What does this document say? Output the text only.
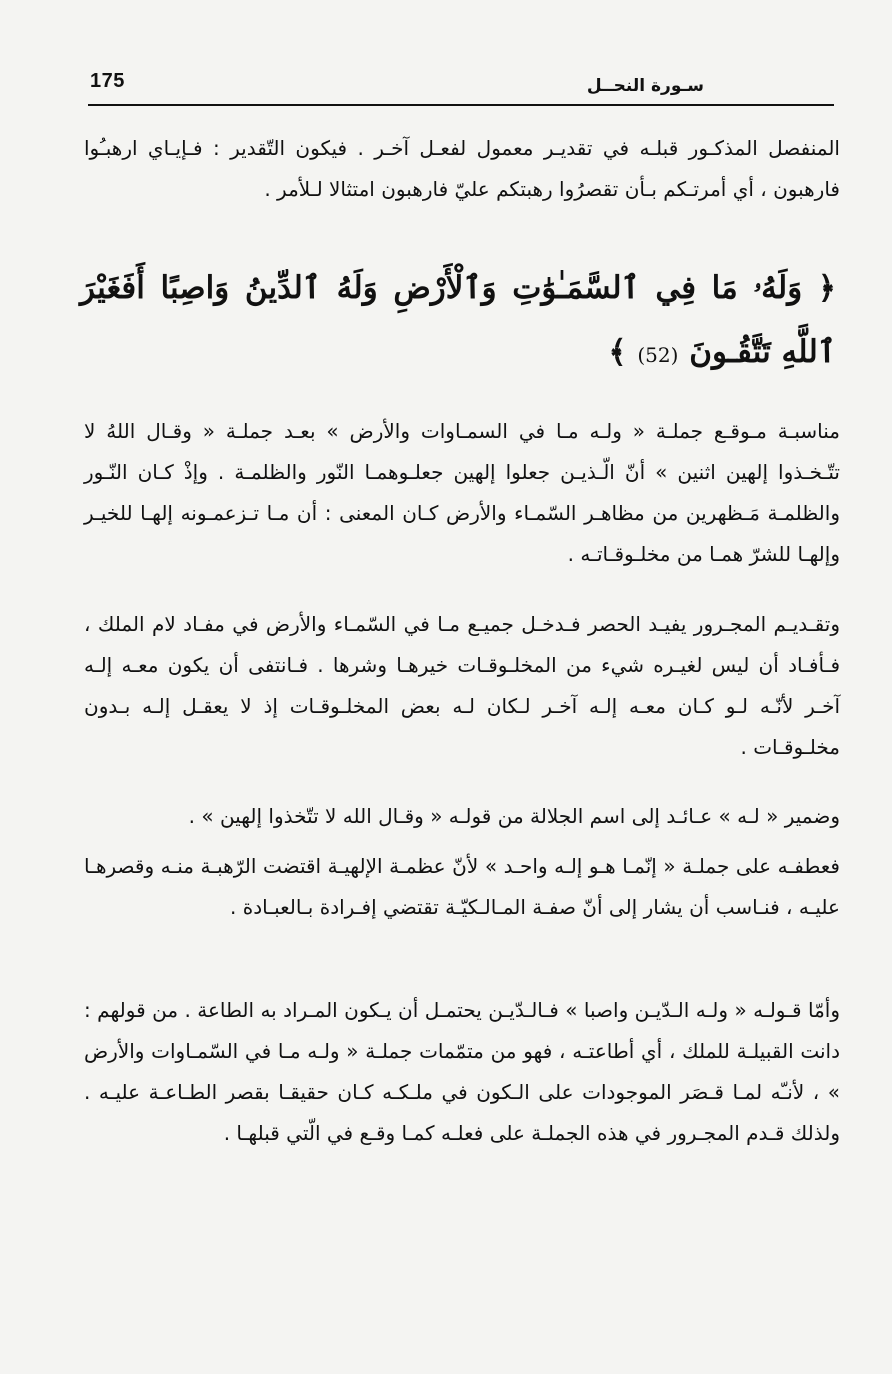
175	سـورة النحــل
المنفصل المذكـور قبلـه في تقديـر معمول لفعـل آخـر . فيكون التّقدير : فـإيـاي ارهبـُوا فارهبون ، أي أمرتـكم بـأن تقصرُوا رهبتكم عليّ فارهبون امتثالا لـلأمر .
﴿ وَلَهُۥ مَا فِي ٱلسَّمَـٰوَٰتِ وَٱلْأَرْضِ وَلَهُ ٱلدِّينُ وَاصِبًا أَفَغَيْرَ ٱللَّهِ تَتَّقُـونَ (52) ﴾
مناسبـة مـوقـع جملـة « ولـه مـا في السمـاوات والأرض » بعـد جملـة « وقـال اللهُ لا تتّـخـذوا إلهين اثنين » أنّ الّـذيـن جعلوا إلهين جعلـوهمـا النّور والظلمـة . وإذْ كـان النّـور والظلمـة مَـظهرين من مظاهـر السّمـاء والأرض كـان المعنى : أن مـا تـزعمـونه إلهـا للخيـر وإلهـا للشرّ همـا من مخلـوقـاتـه .
وتقـديـم المجـرور يفيـد الحصر فـدخـل جميـع مـا في السّمـاء والأرض في مفـاد لام الملك ، فـأفـاد أن ليس لغيـره شيء من المخلـوقـات خيرهـا وشرها . فـانتفى أن يكون معـه إلـه آخـر لأنّـه لـو كـان معـه إلـه آخـر لـكان لـه بعض المخلـوقـات إذ لا يعقـل إلـه بـدون مخلـوقـات .
وضمير « لـه » عـائـد إلى اسم الجلالة من قولـه « وقـال الله لا تتّخذوا إلهين » .
فعطفـه على جملـة « إنّمـا هـو إلـه واحـد » لأنّ عظمـة الإلهيـة اقتضت الرّهبـة منـه وقصرهـا عليـه ، فنـاسب أن يشار إلى أنّ صفـة المـالـكيّـة تقتضي إفـرادة بـالعبـادة .
وأمّا قـولـه « ولـه الـدّيـن واصبا » فـالـدّيـن يحتمـل أن يـكون المـراد به الطاعة . من قولهم : دانت القبيلـة للملك ، أي أطاعتـه ، فهو من متمّمات جملـة « ولـه مـا في السّمـاوات والأرض » ، لأنـّه لمـا قـصَر الموجودات على الـكون في ملـكـه كـان حقيقـا بقصر الطـاعـة عليـه . ولذلك قـدم المجـرور في هذه الجملـة على فعلـه كمـا وقـع في الّتي قبلهـا .
